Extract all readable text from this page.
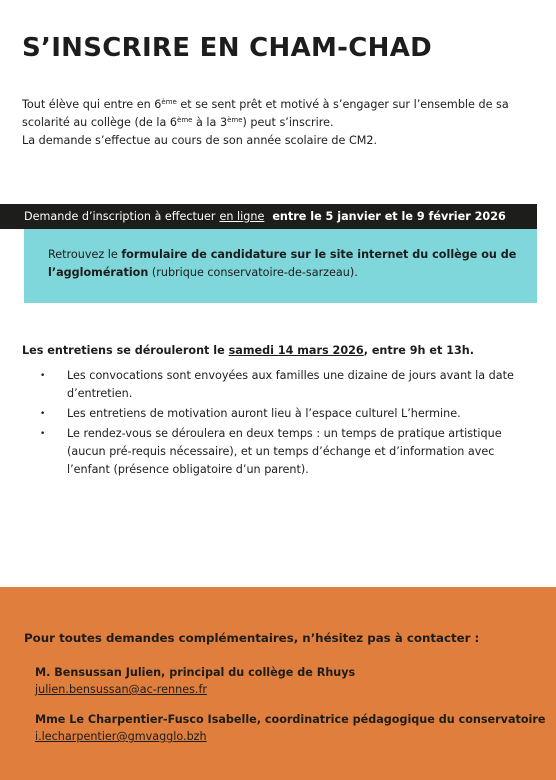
S’INSCRIRE EN CHAM-CHAD

Tout élève qui entre en 6ème et se sent prêt et motivé à s’engager sur l’ensemble de sa scolarité au collège (de la 6ème à la 3ème) peut s’inscrire.

La demande s’effectue au cours de son année scolaire de CM2.

Demande d’inscription à effectuer en ligne entre le 5 janvier et le 9 février 2026
Retrouvez le formulaire de candidature sur le site internet du collège ou de l’agglomération (rubrique conservatoire-de-sarzeau).
Les entretiens se dérouleront le samedi 14 mars 2026, entre 9h et 13h.
• Les convocations sont envoyées aux familles une dizaine de jours avant la date d’entretien.
• Les entretiens de motivation auront lieu à l’espace culturel L’hermine.
• Le rendez-vous se déroulera en deux temps : un temps de pratique artistique (aucun pré-requis nécessaire), et un temps d’échange et d’information avec l’enfant (présence obligatoire d’un parent).
Pour toutes demandes complémentaires, n’hésitez pas à contacter :
M. Bensussan Julien, principal du collège de Rhuys
julien.bensussan@ac-rennes.fr
Mme Le Charpentier-Fusco Isabelle, coordinatrice pédagogique du conservatoire
i.lecharpentier@gmvagglo.bzh
